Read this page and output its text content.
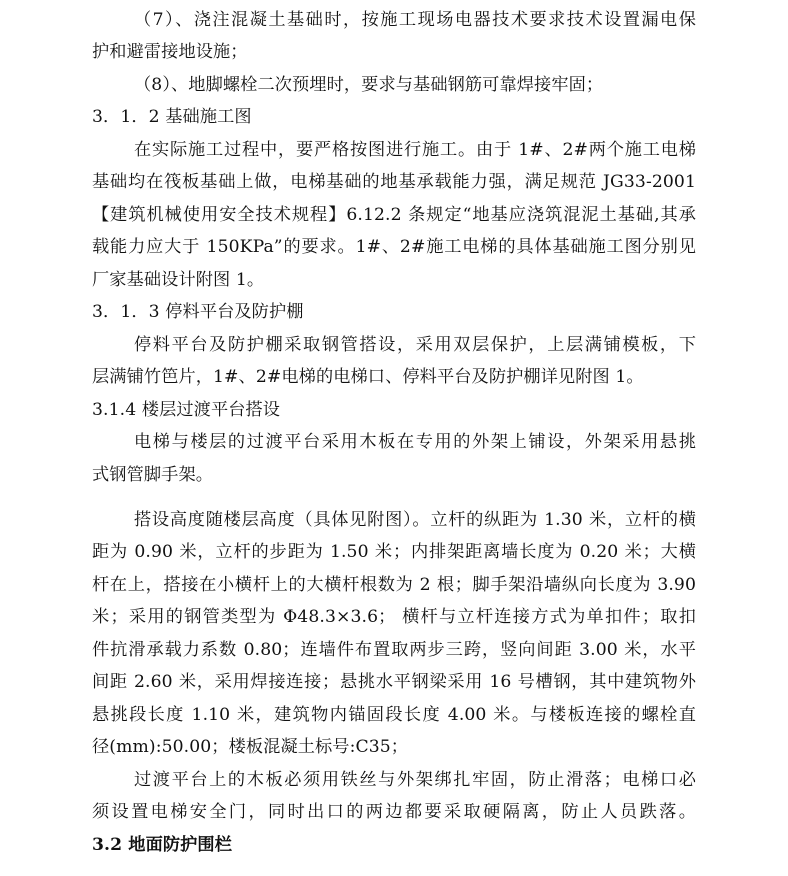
（7）、浇注混凝土基础时，按施工现场电器技术要求技术设置漏电保
护和避雷接地设施；
（8）、地脚螺栓二次预埋时，要求与基础钢筋可靠焊接牢固；
3．1．2 基础施工图
在实际施工过程中，要严格按图进行施工。由于 1#、2#两个施工电梯
基础均在筏板基础上做，电梯基础的地基承载能力强，满足规范 JG33-2001
【建筑机械使用安全技术规程】6.12.2 条规定“地基应浇筑混泥土基础,其承
载能力应大于 150KPa”的要求。1#、2#施工电梯的具体基础施工图分别见
厂家基础设计附图 1。
3．1．3 停料平台及防护棚
停料平台及防护棚采取钢管搭设，采用双层保护，上层满铺模板，下
层满铺竹笆片，1#、2#电梯的电梯口、停料平台及防护棚详见附图 1。
3.1.4 楼层过渡平台搭设
电梯与楼层的过渡平台采用木板在专用的外架上铺设，外架采用悬挑
式钢管脚手架。
搭设高度随楼层高度（具体见附图）。立杆的纵距为 1.30 米，立杆的横
距为 0.90 米，立杆的步距为 1.50 米；内排架距离墙长度为 0.20 米；大横
杆在上，搭接在小横杆上的大横杆根数为 2 根；脚手架沿墙纵向长度为 3.90
米；采用的钢管类型为 Φ48.3×3.6； 横杆与立杆连接方式为单扣件；取扣
件抗滑承载力系数 0.80；连墙件布置取两步三跨，竖向间距 3.00 米，水平
间距 2.60 米，采用焊接连接；悬挑水平钢梁采用 16 号槽钢，其中建筑物外
悬挑段长度 1.10 米，建筑物内锚固段长度 4.00 米。与楼板连接的螺栓直
径(mm):50.00；楼板混凝土标号:C35；
过渡平台上的木板必须用铁丝与外架绑扎牢固，防止滑落；电梯口必
须设置电梯安全门，同时出口的两边都要采取硬隔离，防止人员跌落。
3.2 地面防护围栏
